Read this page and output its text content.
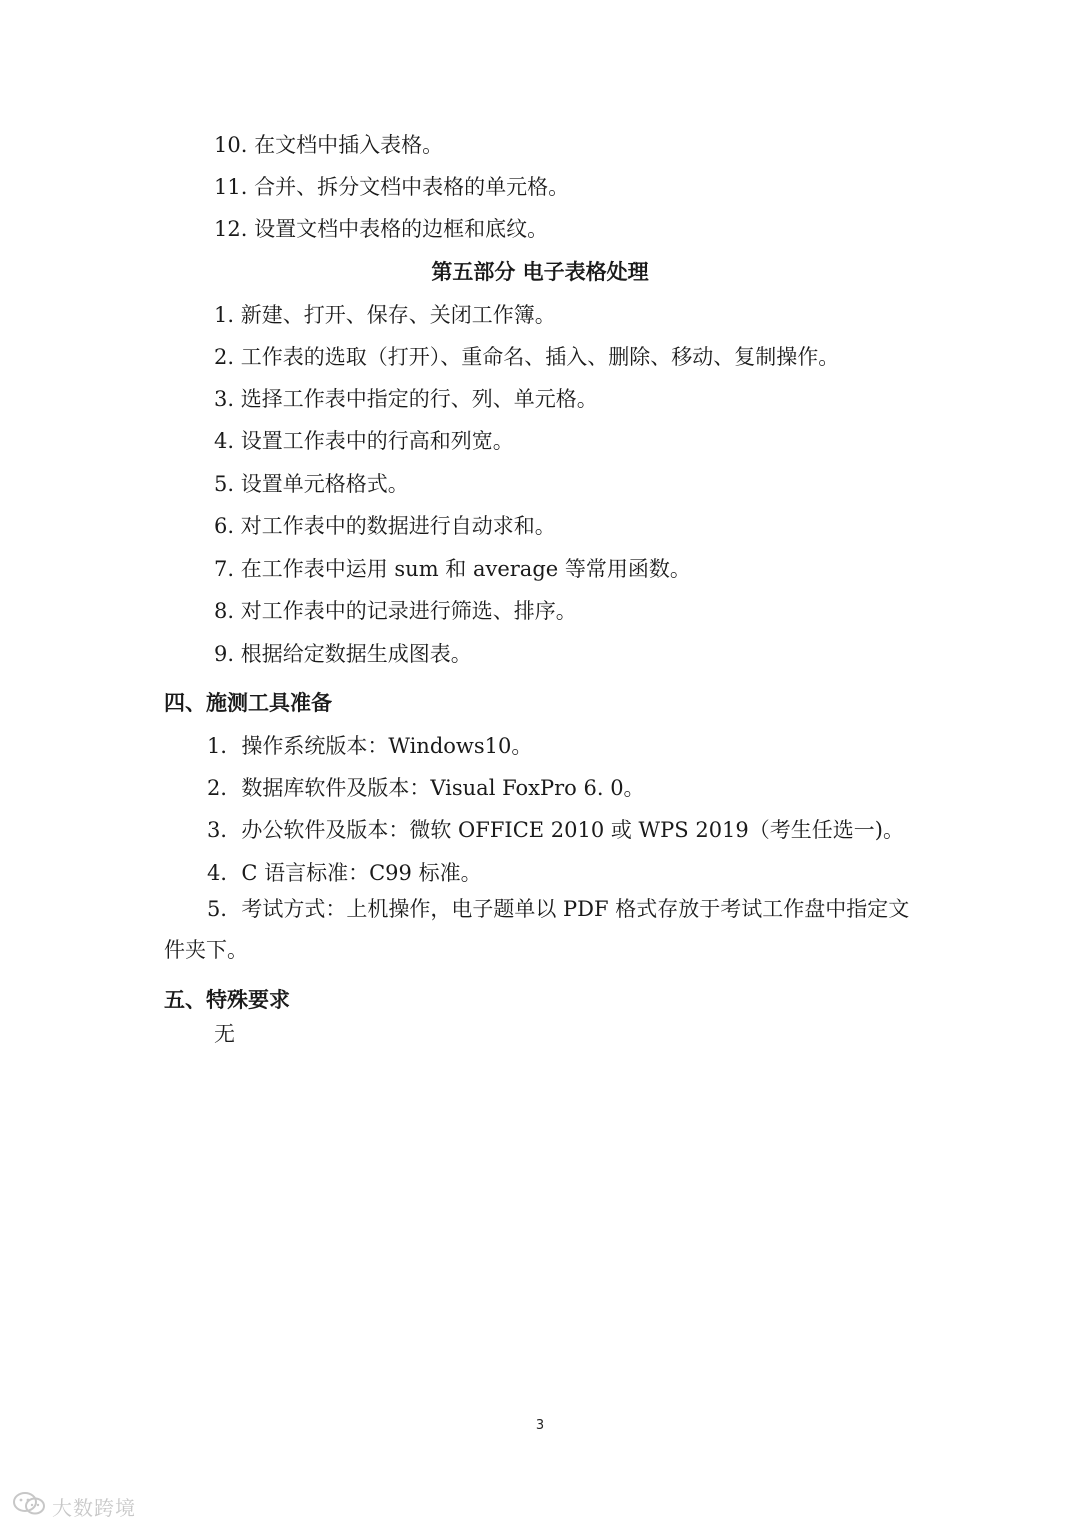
10. 在文档中插入表格。
11. 合并、拆分文档中表格的单元格。
12. 设置文档中表格的边框和底纹。
第五部分 电子表格处理
1. 新建、打开、保存、关闭工作簿。
2. 工作表的选取（打开）、重命名、插入、删除、移动、复制操作。
3. 选择工作表中指定的行、列、单元格。
4. 设置工作表中的行高和列宽。
5. 设置单元格格式。
6. 对工作表中的数据进行自动求和。
7. 在工作表中运用 sum 和 average 等常用函数。
8. 对工作表中的记录进行筛选、排序。
9. 根据给定数据生成图表。
四、施测工具准备
1．操作系统版本：Windows10。
2．数据库软件及版本：Visual FoxPro 6. 0。
3．办公软件及版本：微软 OFFICE 2010 或 WPS 2019（考生任选一)。
4．C 语言标准：C99 标准。
5．考试方式：上机操作，电子题单以 PDF 格式存放于考试工作盘中指定文
件夹下。
五、特殊要求
无
3
大数跨境
